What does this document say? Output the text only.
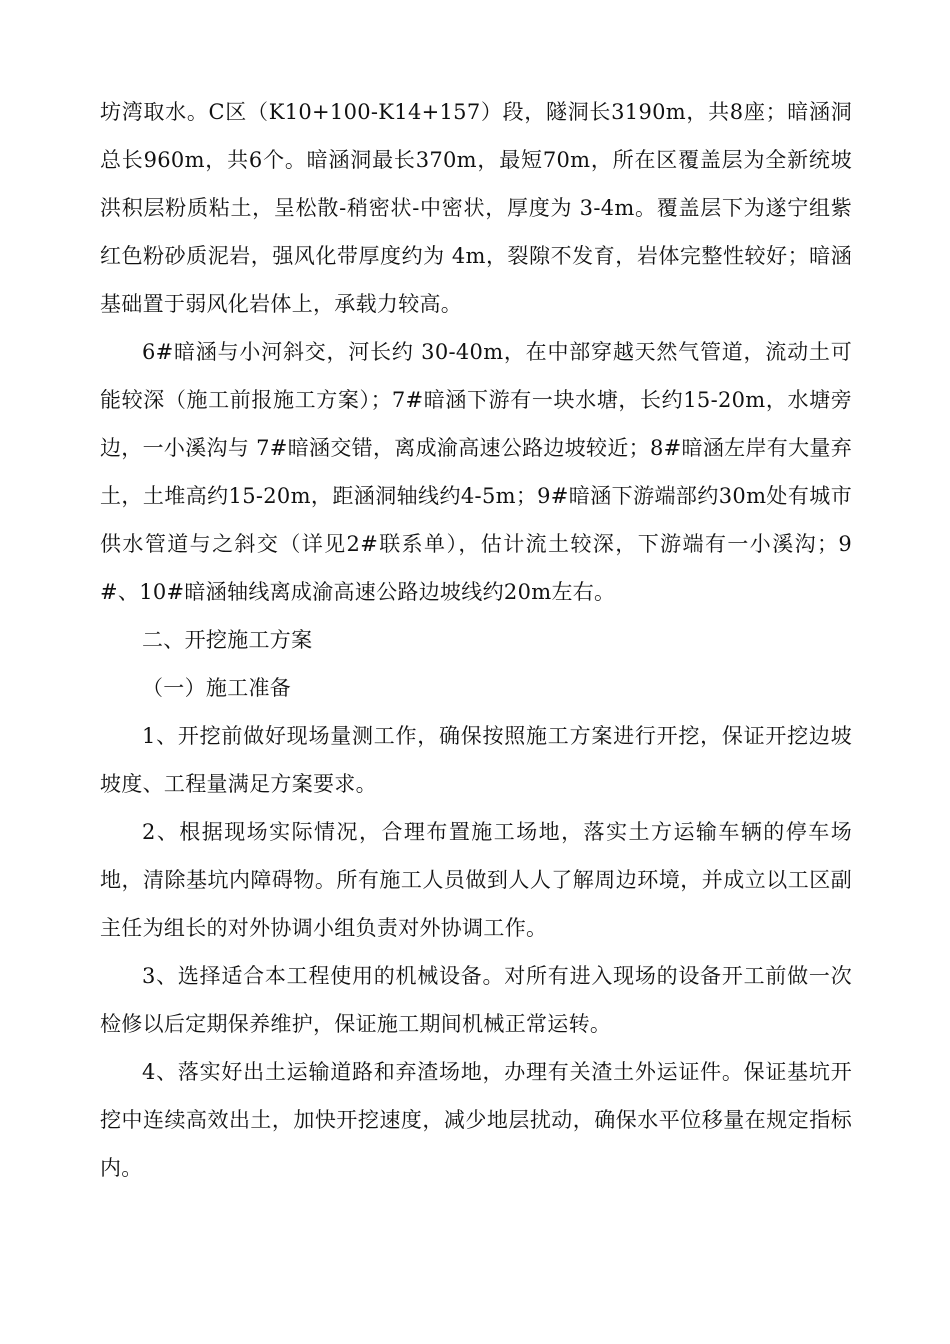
坊湾取水。C区（K10+100-K14+157）段，隧洞长3190m，共8座；暗涵洞总长960m，共6个。暗涵洞最长370m，最短70m，所在区覆盖层为全新统坡洪积层粉质粘土，呈松散-稍密状-中密状，厚度为 3-4m。覆盖层下为遂宁组紫红色粉砂质泥岩，强风化带厚度约为 4m，裂隙不发育，岩体完整性较好；暗涵基础置于弱风化岩体上，承载力较高。

6#暗涵与小河斜交，河长约 30-40m，在中部穿越天然气管道，流动土可能较深（施工前报施工方案）；7#暗涵下游有一块水塘，长约15-20m，水塘旁边，一小溪沟与 7#暗涵交错，离成渝高速公路边坡较近；8#暗涵左岸有大量弃土，土堆高约15-20m，距涵洞轴线约4-5m；9#暗涵下游端部约30m处有城市供水管道与之斜交（详见2#联系单），估计流土较深，下游端有一小溪沟；9#、10#暗涵轴线离成渝高速公路边坡线约20m左右。

二、开挖施工方案

（一）施工准备

1、开挖前做好现场量测工作，确保按照施工方案进行开挖，保证开挖边坡坡度、工程量满足方案要求。

2、根据现场实际情况，合理布置施工场地，落实土方运输车辆的停车场地，清除基坑内障碍物。所有施工人员做到人人了解周边环境，并成立以工区副主任为组长的对外协调小组负责对外协调工作。

3、选择适合本工程使用的机械设备。对所有进入现场的设备开工前做一次检修以后定期保养维护，保证施工期间机械正常运转。

4、落实好出土运输道路和弃渣场地，办理有关渣土外运证件。保证基坑开挖中连续高效出土，加快开挖速度，减少地层扰动，确保水平位移量在规定指标内。
